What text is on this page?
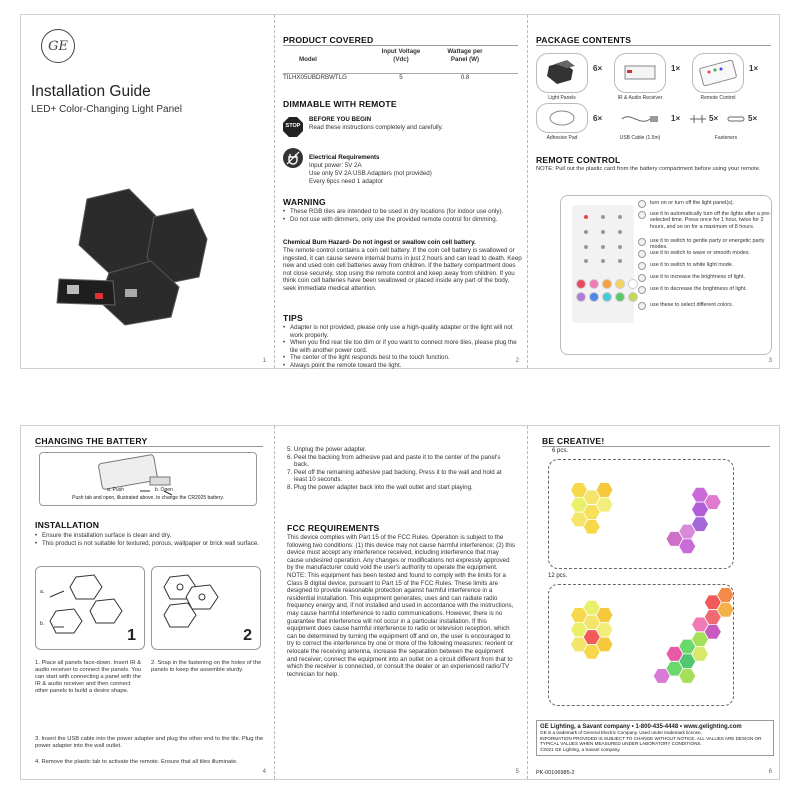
GE
Installation Guide
LED+ Color-Changing Light Panel
1
PRODUCT COVERED
Model
Input Voltage (Vdc)
Wattage per Panel (W)
TILHX05UBDRBWTLG	5	0.8
DIMMABLE WITH REMOTE
STOP
BEFORE YOU BEGIN
Read these instructions completely and carefully.
Electrical Requirements
Input power: 5V 2A
Use only 5V 2A USB Adapters (not provided)
Every 6pcs need 1 adaptor
WARNING
• These RGB tiles are intended to be used in dry locations (for indoor use only).
• Do not use with dimmers, only use the provided remote control for dimming.
Chemical Burn Hazard- Do not ingest or swallow coin cell battery.
The remote control contains a coin cell battery. If the coin cell battery is swallowed or ingested, it can cause severe internal burns in just 2 hours and can lead to death. Keep new and used coin cell batteries away from children. If the battery compartment does not close securely, stop using the remote control and keep away from children. If you think coin cell batteries have been swallowed or placed inside any part of the body, seek immediate medical attention.
TIPS
• Adapter is not provided, please only use a high-quality adapter or the light will not work properly.
• When you find rear tile too dim or if you want to connect more tiles, please plug the tile with another power cord.
• The center of the light responds best to the touch function.
• Always point the remote toward the light.
2
PACKAGE CONTENTS
6×
Light Panels
1×
IR & Audio Receiver
1×
Remote Control
6×
Adhesive Pad
1×
USB Cable (1.5m)
5×	5×
Fasteners
REMOTE CONTROL
NOTE: Pull out the plastic card from the battery compartment before using your remote.
turn on or turn off the light panel(s).
use it to automatically turn off the lights after a pre-selected time. Press once for 1 hour, twice for 2 hours, and so on for a maximum of 8 hours.
use it to switch to gentle party or energetic party modes.
use it to switch to wave or smooth modes.
use it to switch to white light mode.
use it to increase the brightness of light.
use it to decrease the brightness of light.
use these to select different colors.
3
CHANGING THE BATTERY
a. Push	b. Open
Push tab and open, illustrated above, to change the CR2025 battery.
INSTALLATION
• Ensure the installation surface is clean and dry.
• This product is not suitable for textured, porous, wallpaper or brick wall surface.
a.
b.
1	2
1. Place all panels face-down. Insert IR & audio receiver to connect the panels. You can start with connecting a panel with the IR & audio receiver and then connect other panels to build a desire shape.
2. Snap in the fastening on the holes of the panels to keep the assemble sturdy.
3. Insert the USB cable into the power adapter and plug the other end to the tile. Plug the power adapter into the wall outlet.
4. Remove the plastic tab to activate the remote. Ensure that all tiles illuminate.
4
5. Unplug the power adapter.
6. Peel the backing from adhesive pad and paste it to the center of the panel's back.
7. Peel off the remaining adhesive pad backing. Press it to the wall and hold at least 10 seconds.
8. Plug the power adapter back into the wall outlet and start playing.
FCC REQUIREMENTS
This device complies with Part 15 of the FCC Rules. Operation is subject to the following two conditions: (1) this device may not cause harmful interference; (2) this device must accept any interference received, including interference that may cause undesired operation. Any changes or modifications not expressly approved by the manufacturer could void the user's authority to operate the equipment. NOTE: This equipment has been tested and found to comply with the limits for a Class B digital device, pursuant to Part 15 of the FCC Rules. These limits are designed to provide reasonable protection against harmful interference in a residential installation. This equipment generates, uses and can radiate radio frequency energy and, if not installed and used in accordance with the instructions, may cause harmful interference to radio communications. However, there is no guarantee that interference will not occur in a particular installation. If this equipment does cause harmful interference to radio or television reception, which can be determined by turning the equipment off and on, the user is encouraged to try to correct the interference by one or more of the following measures: reorient or relocate the receiving antenna, increase the separation between the equipment and receiver, connect the equipment into an outlet on a circuit different from that to which the receiver is connected, or consult the dealer or an experienced radio/TV technician for help.
5
BE CREATIVE!
6 pcs.
12 pcs.
GE Lighting, a Savant company • 1-800-435-4448 • www.gelighting.com
GE is a trademark of General Electric Company. Used under trademark license.
INFORMATION PROVIDED IS SUBJECT TO CHANGE WITHOUT NOTICE. ALL VALUES ARE DESIGN OR TYPICAL VALUES WHEN MEASURED UNDER LABORATORY CONDITIONS.
©2021 GE Lighting, a Savant company.
PK-00106985-2	6
